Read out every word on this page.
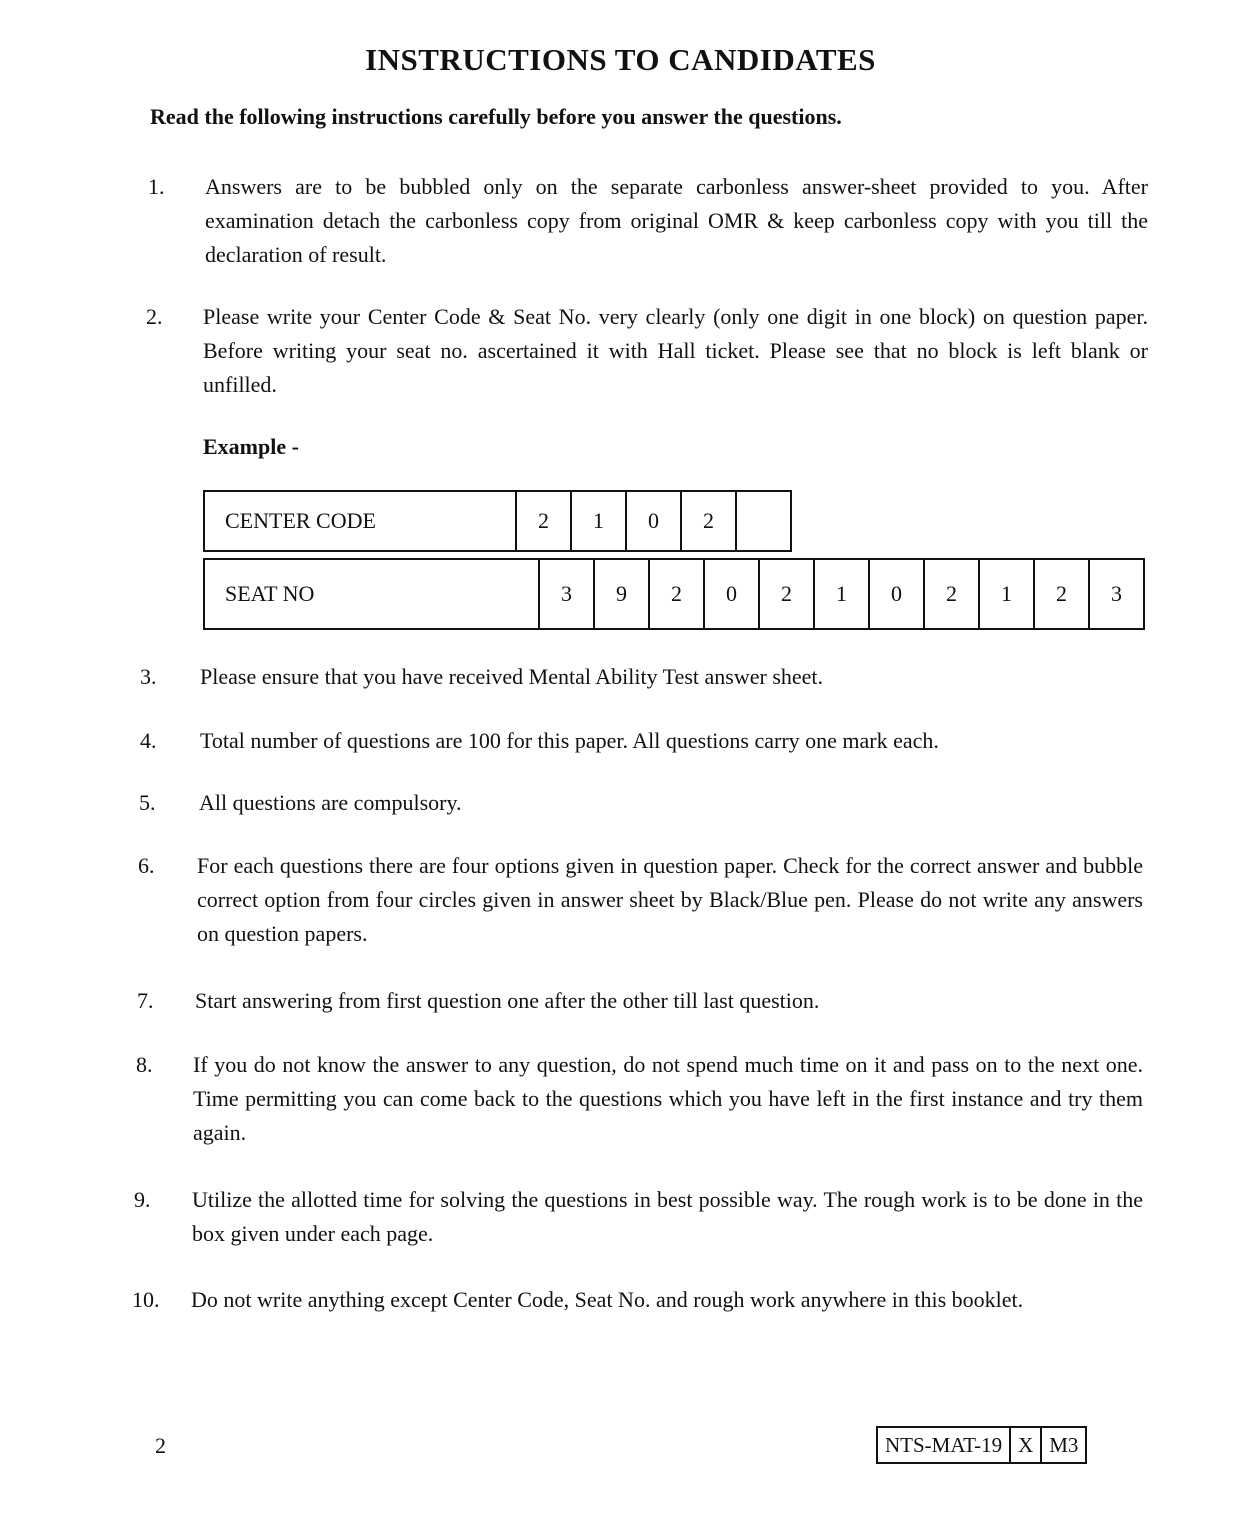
INSTRUCTIONS TO CANDIDATES
Read the following instructions carefully before you answer the questions.
1. Answers are to be bubbled only on the separate carbonless answer-sheet provided to you. After examination detach the carbonless copy from original OMR & keep carbonless copy with you till the declaration of result.
2. Please write your Center Code & Seat No. very clearly (only one digit in one block) on question paper. Before writing your seat no. ascertained it with Hall ticket. Please see that no block is left blank or unfilled.
Example -
CENTER CODE	2	1	0	2
SEAT NO	3	9	2	0	2	1	0	2	1	2	3
3. Please ensure that you have received Mental Ability Test answer sheet.
4. Total number of questions are 100 for this paper. All questions carry one mark each.
5. All questions are compulsory.
6. For each questions there are four options given in question paper. Check for the correct answer and bubble correct option from four circles given in answer sheet by Black/Blue pen. Please do not write any answers on question papers.
7. Start answering from first question one after the other till last question.
8. If you do not know the answer to any question, do not spend much time on it and pass on to the next one. Time permitting you can come back to the questions which you have left in the first instance and try them again.
9. Utilize the allotted time for solving the questions in best possible way. The rough work is to be done in the box given under each page.
10. Do not write anything except Center Code, Seat No. and rough work anywhere in this booklet.
2	NTS-MAT-19 X M3
